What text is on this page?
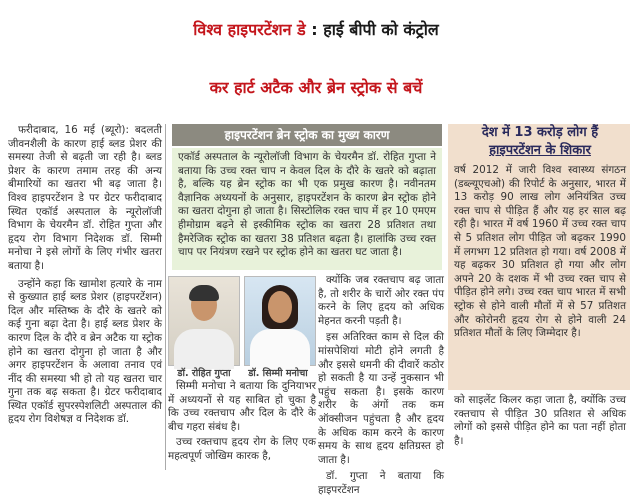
विश्व हाइपरटेंशन डे : हाई बीपी को कंट्रोल
कर हार्ट अटैक और ब्रेन स्ट्रोक से बचें

फरीदाबाद, 16 मई (ब्यूरो): बदलती जीवनशैली के कारण हाई ब्लड प्रेशर की समस्या तेजी से बढ़ती जा रही है। ब्लड प्रेशर के कारण तमाम तरह की अन्य बीमारियों का खतरा भी बढ़ जाता है। विश्व हाइपरटेंशन डे पर ग्रेटर फरीदाबाद स्थित एकॉर्ड अस्पताल के न्यूरोलॉजी विभाग के चेयरमैन डॉ. रोहित गुप्ता और हृदय रोग विभाग निदेशक डॉ. सिम्मी मनोचा ने इसे लोगों के लिए गंभीर खतरा बताया है।

उन्होंने कहा कि खामोश हत्यारे के नाम से कुख्यात हाई ब्लड प्रेशर (हाइपरटेंशन) दिल और मस्तिष्क के दौरे के खतरे को कई गुना बढ़ा देता है। हाई ब्लड प्रेशर के कारण दिल के दौरे व ब्रेन अटैक या स्ट्रोक होने का खतरा दोगुना हो जाता है और अगर हाइपरटेंशन के अलावा तनाव एवं नींद की समस्या भी हो तो यह खतरा चार गुना तक बढ़ सकता है। ग्रेटर फरीदाबाद स्थित एकॉर्ड सुपरस्पेशलिटी अस्पताल की हृदय रोग विशेषज्ञ व निदेशक डॉ.

हाइपरटेंशन ब्रेन स्ट्रोक का मुख्य कारण
एकॉर्ड अस्पताल के न्यूरोलॉजी विभाग के चेयरमैन डॉ. रोहित गुप्ता ने बताया कि उच्च रक्त चाप न केवल दिल के दौरे के खतरे को बढ़ाता है, बल्कि यह ब्रेन स्ट्रोक का भी एक प्रमुख कारण है। नवीनतम वैज्ञानिक अध्ययनों के अनुसार, हाइपरटेंशन के कारण ब्रेन स्ट्रोक होने का खतरा दोगुना हो जाता है। सिस्टोलिक रक्त चाप में हर 10 एमएम हीमोग्राम बढ़ने से इस्कीमिक स्ट्रोक का खतरा 28 प्रतिशत तथा हैमरेजिक स्ट्रोक का खतरा 38 प्रतिशत बढ़ता है। हालांकि उच्च रक्त चाप पर नियंत्रण रखने पर स्ट्रोक होने का खतरा घट जाता है।
डॉ. रोहित गुप्ता	डॉ. सिम्मी मनोचा

सिम्मी मनोचा ने बताया कि दुनियाभर में अध्ययनों से यह साबित हो चुका है कि उच्च रक्तचाप और दिल के दौरे के बीच गहरा संबंध है।

उच्च रक्तचाप हृदय रोग के लिए एक महत्वपूर्ण जोखिम कारक है,

क्योंकि जब रक्तचाप बढ़ जाता है, तो शरीर के चारों ओर रक्त पंप करने के लिए हृदय को अधिक मेहनत करनी पड़ती है।

इस अतिरिक्त काम से दिल की मांसपेशियां मोटी होने लगती है और इससे धमनी की दीवारें कठोर हो सकती है या उन्हें नुकसान भी पहुंच सकता है। इसके कारण शरीर के अंगों तक कम ऑक्सीजन पहुंचता है और हृदय के अधिक काम करने के कारण समय के साथ हृदय क्षतिग्रस्त हो जाता है।

डॉ. गुप्ता ने बताया कि हाइपरटेंशन

देश में 13 करोड़ लोग हैं
हाइपरटेंशन के शिकार
वर्ष 2012 में जारी विश्व स्वास्थ्य संगठन (डब्ल्यूएचओ) की रिपोर्ट के अनुसार, भारत में 13 करोड़ 90 लाख लोग अनियंत्रित उच्च रक्त चाप से पीड़ित हैं और यह हर साल बढ़ रही है। भारत में वर्ष 1960 में उच्च रक्त चाप से 5 प्रतिशत लोग पीड़ित जो बढ़कर 1990 में लगभग 12 प्रतिशत हो गया। वर्ष 2008 में यह बढ़कर 30 प्रतिशत हो गया और लोग अपने 20 के दशक में भी उच्च रक्त चाप से पीड़ित होने लगे। उच्च रक्त चाप भारत में सभी स्ट्रोक से होने वाली मौतों में से 57 प्रतिशत और कोरोनरी हृदय रोग से होने वाली 24 प्रतिशत मौतों के लिए जिम्मेदार है।
को साइलेंट किलर कहा जाता है, क्योंकि उच्च रक्तचाप से पीड़ित 30 प्रतिशत से अधिक लोगों को इससे पीड़ित होने का पता नहीं होता है।
